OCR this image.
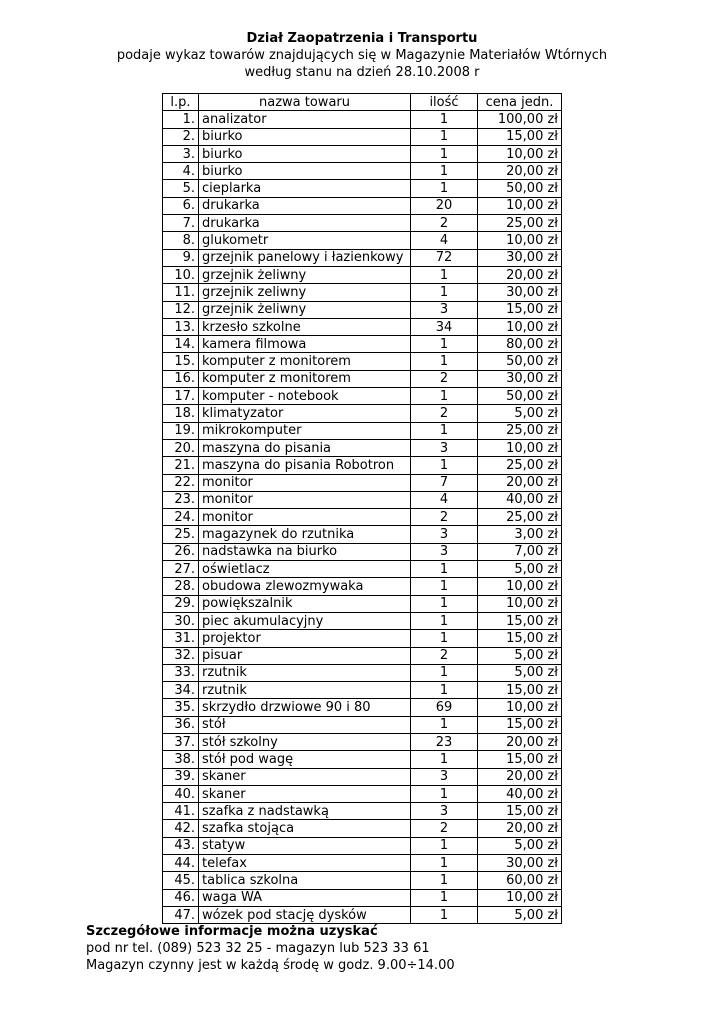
Dział Zaopatrzenia i Transportu
podaje wykaz towarów znajdujących się w Magazynie Materiałów Wtórnych
według stanu na dzień 28.10.2008 r
l.p.	nazwa towaru	ilość	cena jedn.
1.	analizator	1	100,00 zł
2.	biurko	1	15,00 zł
3.	biurko	1	10,00 zł
4.	biurko	1	20,00 zł
5.	cieplarka	1	50,00 zł
6.	drukarka	20	10,00 zł
7.	drukarka	2	25,00 zł
8.	glukometr	4	10,00 zł
9.	grzejnik panelowy i łazienkowy	72	30,00 zł
10.	grzejnik żeliwny	1	20,00 zł
11.	grzejnik zeliwny	1	30,00 zł
12.	grzejnik żeliwny	3	15,00 zł
13.	krzesło szkolne	34	10,00 zł
14.	kamera filmowa	1	80,00 zł
15.	komputer z monitorem	1	50,00 zł
16.	komputer z monitorem	2	30,00 zł
17.	komputer - notebook	1	50,00 zł
18.	klimatyzator	2	5,00 zł
19.	mikrokomputer	1	25,00 zł
20.	maszyna do pisania	3	10,00 zł
21.	maszyna do pisania Robotron	1	25,00 zł
22.	monitor	7	20,00 zł
23.	monitor	4	40,00 zł
24.	monitor	2	25,00 zł
25.	magazynek do rzutnika	3	3,00 zł
26.	nadstawka na biurko	3	7,00 zł
27.	oświetlacz	1	5,00 zł
28.	obudowa zlewozmywaka	1	10,00 zł
29.	powiększalnik	1	10,00 zł
30.	piec akumulacyjny	1	15,00 zł
31.	projektor	1	15,00 zł
32.	pisuar	2	5,00 zł
33.	rzutnik	1	5,00 zł
34.	rzutnik	1	15,00 zł
35.	skrzydło drzwiowe 90 i 80	69	10,00 zł
36.	stół	1	15,00 zł
37.	stół szkolny	23	20,00 zł
38.	stół pod wagę	1	15,00 zł
39.	skaner	3	20,00 zł
40.	skaner	1	40,00 zł
41.	szafka z nadstawką	3	15,00 zł
42.	szafka stojąca	2	20,00 zł
43.	statyw	1	5,00 zł
44.	telefax	1	30,00 zł
45.	tablica szkolna	1	60,00 zł
46.	waga WA	1	10,00 zł
47.	wózek pod stację dysków	1	5,00 zł
Szczegółowe informacje można uzyskać
pod nr tel. (089) 523 32 25 - magazyn lub 523 33 61
Magazyn czynny jest w każdą środę w godz. 9.00÷14.00
